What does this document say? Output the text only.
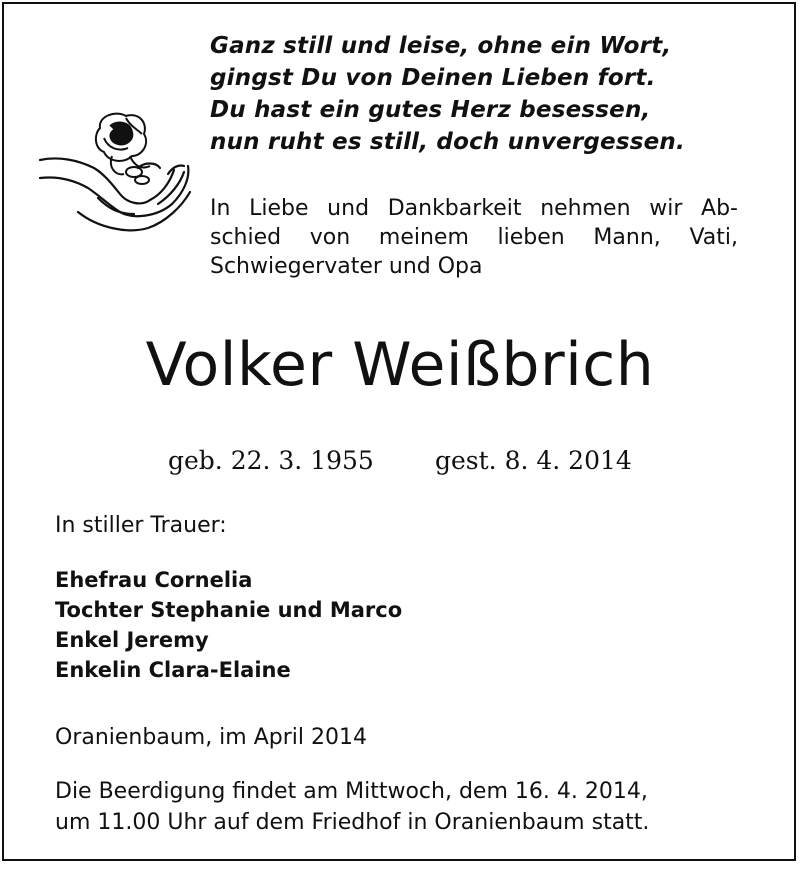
Ganz still und leise, ohne ein Wort,
gingst Du von Deinen Lieben fort.
Du hast ein gutes Herz besessen,
nun ruht es still, doch unvergessen.
In Liebe und Dankbarkeit nehmen wir Ab-
schied von meinem lieben Mann, Vati,
Schwiegervater und Opa
Volker Weißbrich
geb. 22. 3. 1955 gest. 8. 4. 2014
In stiller Trauer:
Ehefrau Cornelia
Tochter Stephanie und Marco
Enkel Jeremy
Enkelin Clara-Elaine
Oranienbaum, im April 2014
Die Beerdigung findet am Mittwoch, dem 16. 4. 2014,
um 11.00 Uhr auf dem Friedhof in Oranienbaum statt.
